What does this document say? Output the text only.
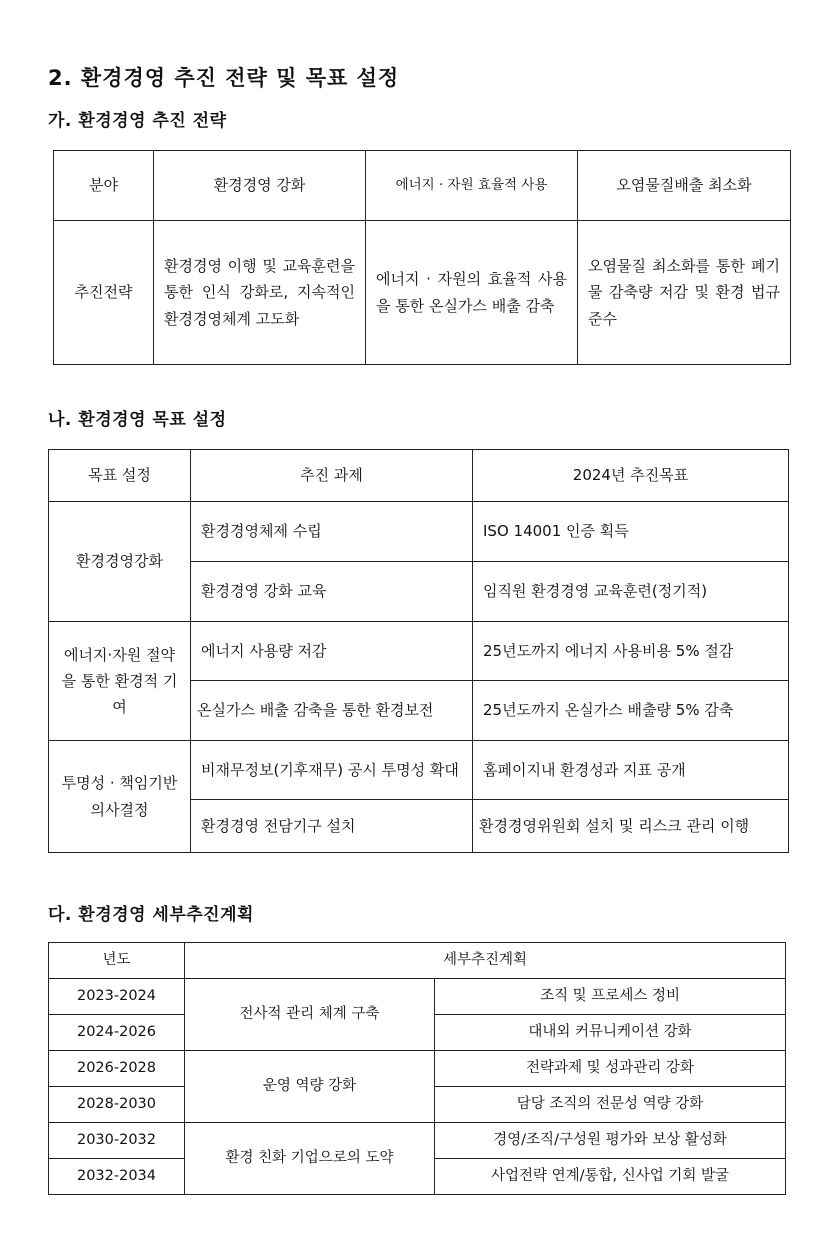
2. 환경경영 추진 전략 및 목표 설정
가. 환경경영 추진 전략
분야	환경경영 강화	에너지 · 자원 효율적 사용	오염물질배출 최소화
추진전략	환경경영 이행 및 교육훈련을 통한 인식 강화로, 지속적인 환경경영체계 고도화	에너지 · 자원의 효율적 사용을 통한 온실가스 배출 감축	오염물질 최소화를 통한 폐기물 감축량 저감 및 환경 법규 준수
나. 환경경영 목표 설정
목표 설정	추진 과제	2024년 추진목표
환경경영강화	환경경영체제 수립	ISO 14001 인증 획득
	환경경영 강화 교육	임직원 환경경영 교육훈련(정기적)
에너지·자원 절약을 통한 환경적 기여	에너지 사용량 저감	25년도까지 에너지 사용비용 5% 절감
	온실가스 배출 감축을 통한 환경보전	25년도까지 온실가스 배출량 5% 감축
투명성 · 책임기반 의사결정	비재무정보(기후재무) 공시 투명성 확대	홈페이지내 환경성과 지표 공개
	환경경영 전담기구 설치	환경경영위원회 설치 및 리스크 관리 이행
다. 환경경영 세부추진계획
년도	세부추진계획	
2023-2024	전사적 관리 체계 구축	조직 및 프로세스 정비
2024-2026		대내외 커뮤니케이션 강화
2026-2028	운영 역량 강화	전략과제 및 성과관리 강화
2028-2030		담당 조직의 전문성 역량 강화
2030-2032	환경 친화 기업으로의 도약	경영/조직/구성원 평가와 보상 활성화
2032-2034		사업전략 연계/통합, 신사업 기회 발굴
